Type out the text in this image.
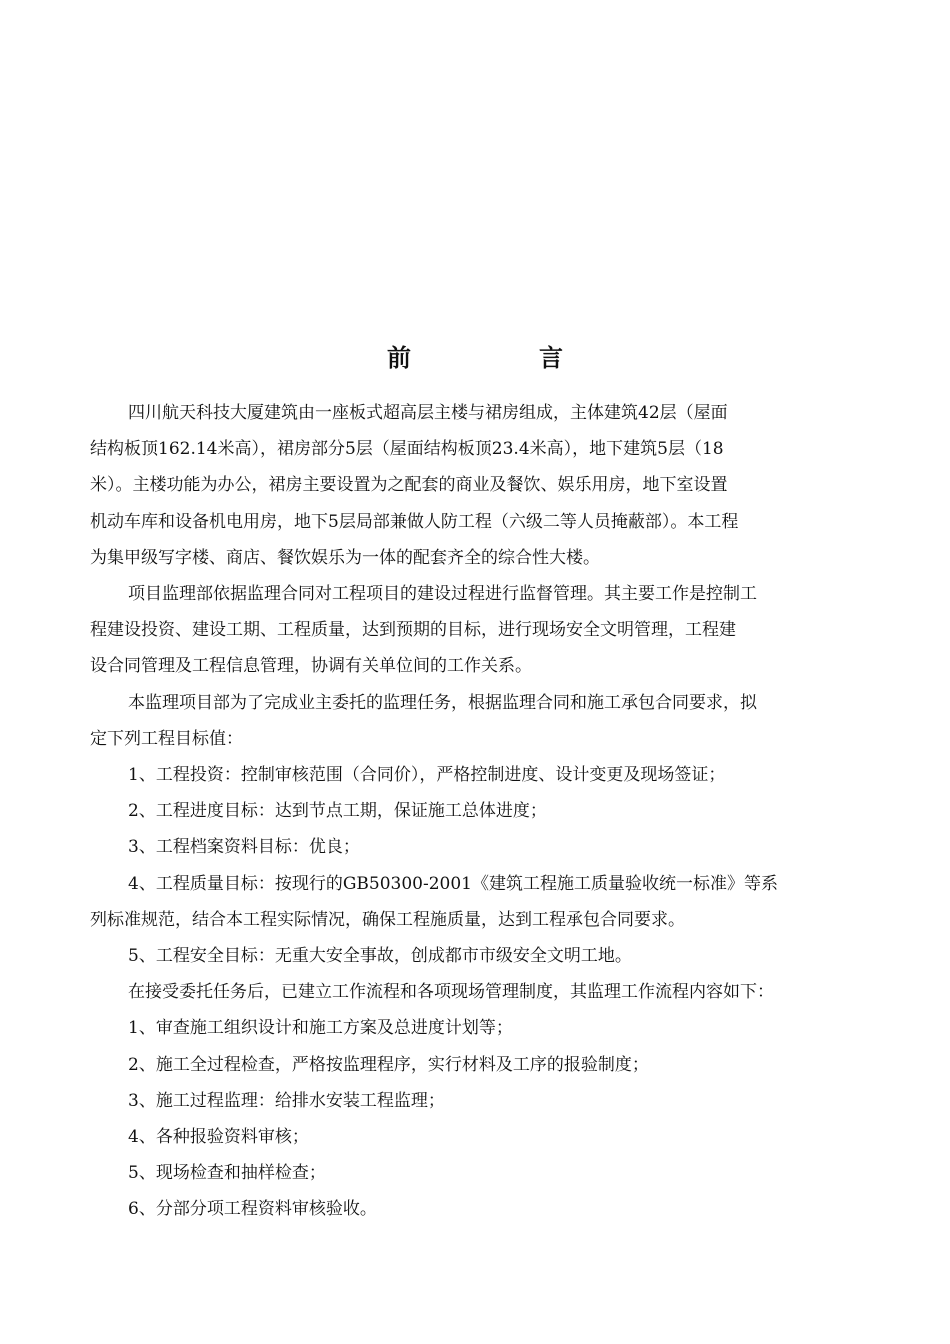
前	言

四川航天科技大厦建筑由一座板式超高层主楼与裙房组成，主体建筑42层（屋面
结构板顶162.14米高），裙房部分5层（屋面结构板顶23.4米高），地下建筑5层（18
米）。主楼功能为办公，裙房主要设置为之配套的商业及餐饮、娱乐用房，地下室设置
机动车库和设备机电用房，地下5层局部兼做人防工程（六级二等人员掩蔽部）。本工程
为集甲级写字楼、商店、餐饮娱乐为一体的配套齐全的综合性大楼。

项目监理部依据监理合同对工程项目的建设过程进行监督管理。其主要工作是控制工
程建设投资、建设工期、工程质量，达到预期的目标，进行现场安全文明管理，工程建
设合同管理及工程信息管理，协调有关单位间的工作关系。

本监理项目部为了完成业主委托的监理任务，根据监理合同和施工承包合同要求，拟
定下列工程目标值：

1、工程投资：控制审核范围（合同价），严格控制进度、设计变更及现场签证；
2、工程进度目标：达到节点工期，保证施工总体进度；
3、工程档案资料目标：优良；
4、工程质量目标：按现行的GB50300-2001《建筑工程施工质量验收统一标准》等系
列标准规范，结合本工程实际情况，确保工程施质量，达到工程承包合同要求。
5、工程安全目标：无重大安全事故，创成都市市级安全文明工地。

在接受委托任务后，已建立工作流程和各项现场管理制度，其监理工作流程内容如下：

1、审查施工组织设计和施工方案及总进度计划等；
2、施工全过程检查，严格按监理程序，实行材料及工序的报验制度；
3、施工过程监理：给排水安装工程监理；
4、各种报验资料审核；
5、现场检查和抽样检查；
6、分部分项工程资料审核验收。
